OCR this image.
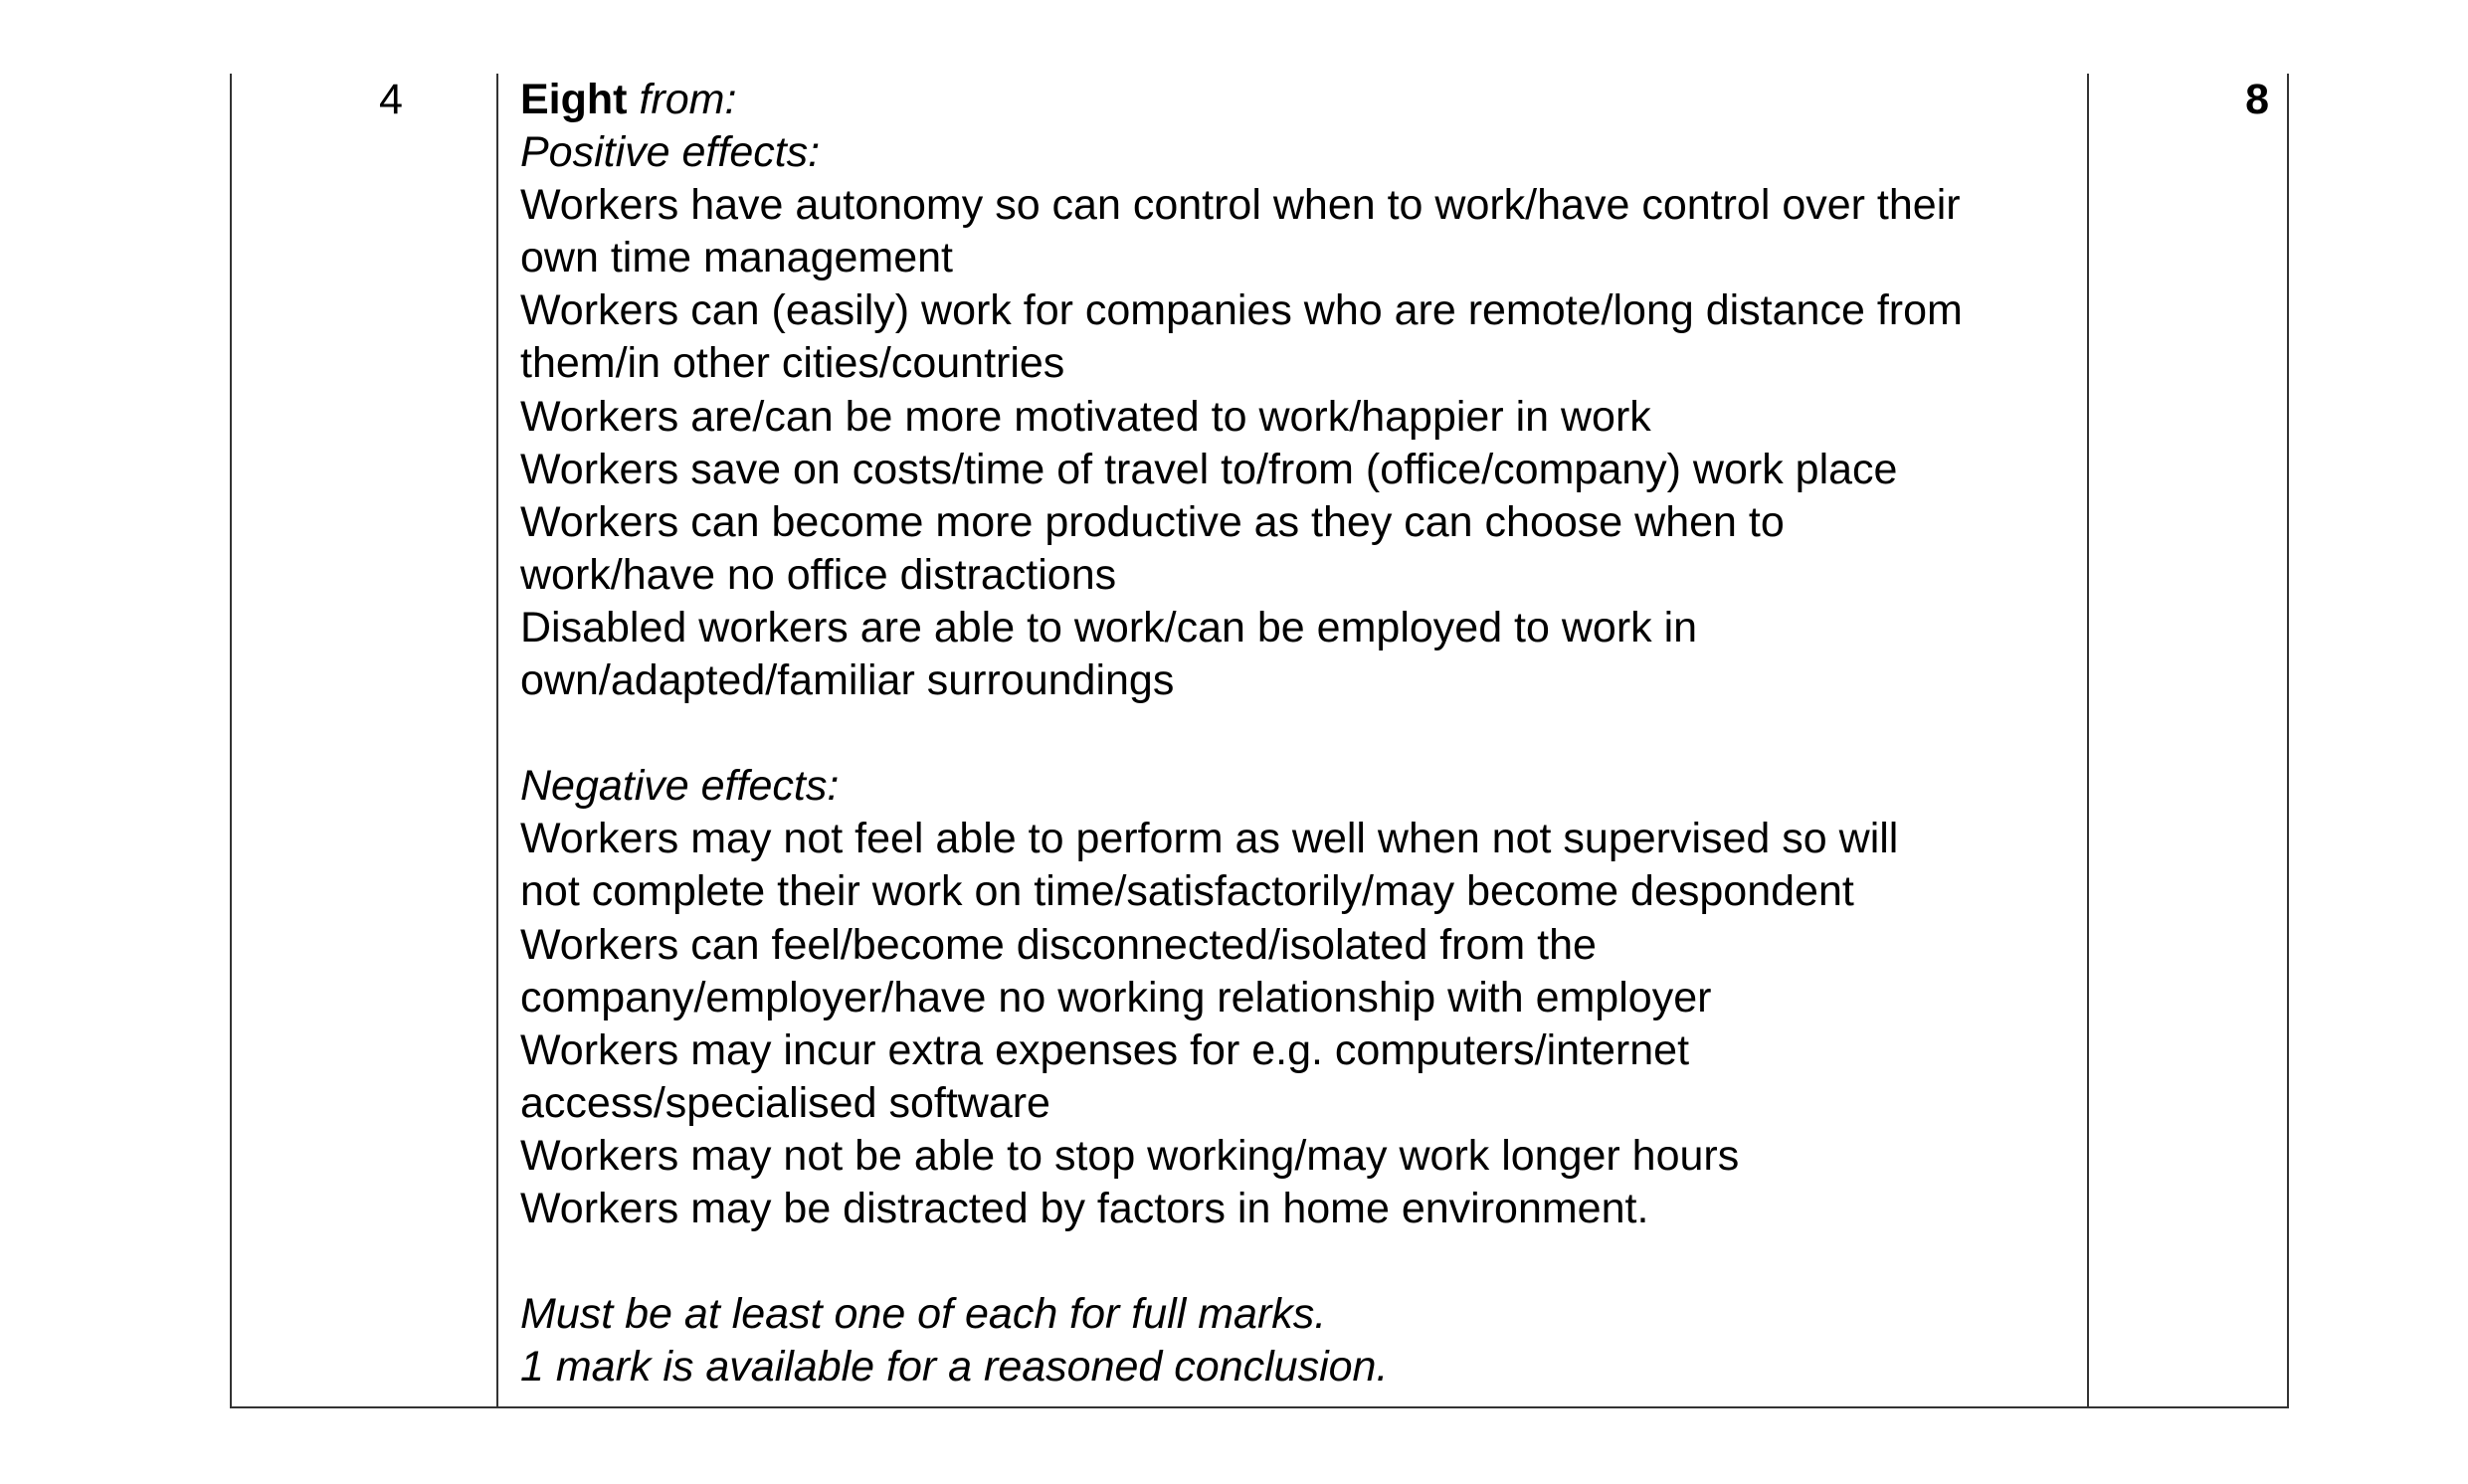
4	Eight from:
Positive effects:
Workers have autonomy so can control when to work/have control over their
own time management
Workers can (easily) work for companies who are remote/long distance from
them/in other cities/countries
Workers are/can be more motivated to work/happier in work
Workers save on costs/time of travel to/from (office/company) work place
Workers can become more productive as they can choose when to
work/have no office distractions
Disabled workers are able to work/can be employed to work in
own/adapted/familiar surroundings
Negative effects:
Workers may not feel able to perform as well when not supervised so will
not complete their work on time/satisfactorily/may become despondent
Workers can feel/become disconnected/isolated from the
company/employer/have no working relationship with employer
Workers may incur extra expenses for e.g. computers/internet
access/specialised software
Workers may not be able to stop working/may work longer hours
Workers may be distracted by factors in home environment.
Must be at least one of each for full marks.
1 mark is available for a reasoned conclusion.
8
